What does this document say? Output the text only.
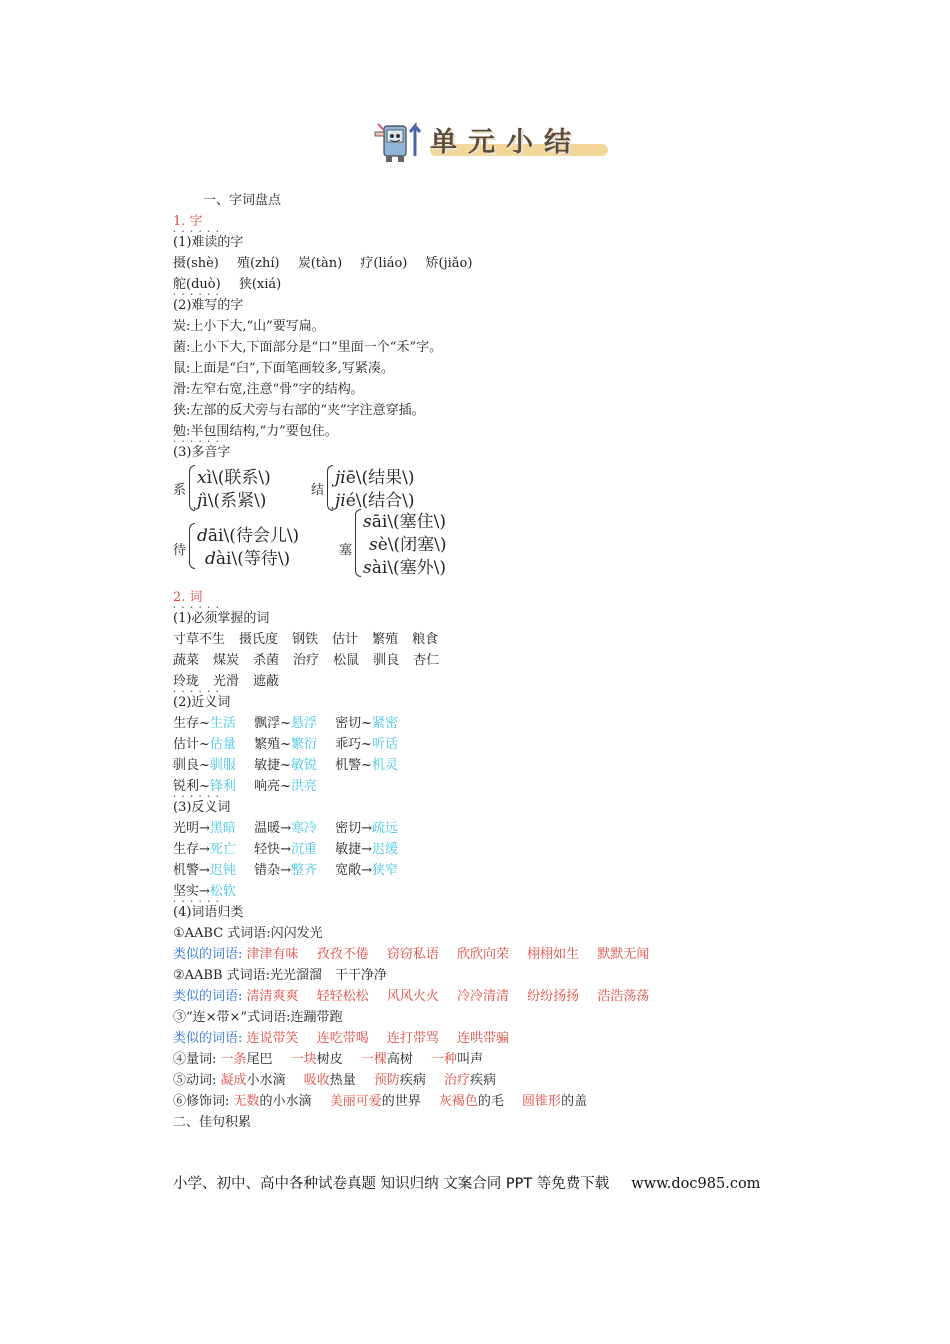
单元小结
一、字词盘点
1. 字
(1)难读的字 • • •
摄(shè) 殖(zhí) 炭(tàn) 疗(liáo) 矫(jiǎo)
舵(duò) 狭(xiá)
(2)难写的字 • • •
炭:上小下大,“山”要写扁。
菌:上小下大,下面部分是“口”里面一个“禾”字。
鼠:上面是“臼”,下面笔画较多,写紧凑。
滑:左窄右宽,注意“骨”字的结构。
狭:左部的反犬旁与右部的“夹”字注意穿插。
勉:半包围结构,“力”要包住。
(3)多音字 • • •
系
xì\(联系\)
jì\(系紧\)
结
jiē\(结果\)
jié\(结合\)
待
dāi\(待会儿\)
dài\(等待\)	塞
sāi\(塞住\)
sè\(闭塞\)
sài\(塞外\)
2. 词
(1)必须掌握的词 • • •
寸草不生 摄氏度 钢铁 估计 繁殖 粮食
蔬菜 煤炭 杀菌 治疗 松鼠 驯良 杏仁
玲珑 光滑 遮蔽
(2)近义词 • • •
生存~生活 飘浮~悬浮 密切~紧密
估计~估量 繁殖~繁衍 乖巧~听话
驯良~驯服 敏捷~敏锐 机警~机灵
锐利~锋利 响亮~洪亮
(3)反义词 • • •
光明→黑暗 温暖→寒冷 密切→疏远
生存→死亡 轻快→沉重 敏捷→迟缓
机警→迟钝 错杂→整齐 宽敞→狭窄
坚实→松软
(4)词语归类 • • •
①AABC 式词语:闪闪发光
类似的词语: 津津有味 孜孜不倦 窃窃私语 欣欣向荣 栩栩如生 默默无闻
②AABB 式词语:光光溜溜　干干净净
类似的词语: 清清爽爽 轻轻松松 风风火火 冷冷清清 纷纷扬扬 浩浩荡荡
③“连×带×”式词语:连蹦带跑
类似的词语: 连说带笑 连吃带喝 连打带骂 连哄带骗
④量词: 一条尾巴 一块树皮 一棵高树 一种叫声
⑤动词: 凝成小水滴 吸收热量 预防疾病 治疗疾病
⑥修饰词: 无数的小水滴 美丽可爱的世界 灰褐色的毛 圆锥形的盖
二、佳句积累
小学、初中、高中各种试卷真题 知识归纳 文案合同 PPT 等免费下载 www.doc985.com
